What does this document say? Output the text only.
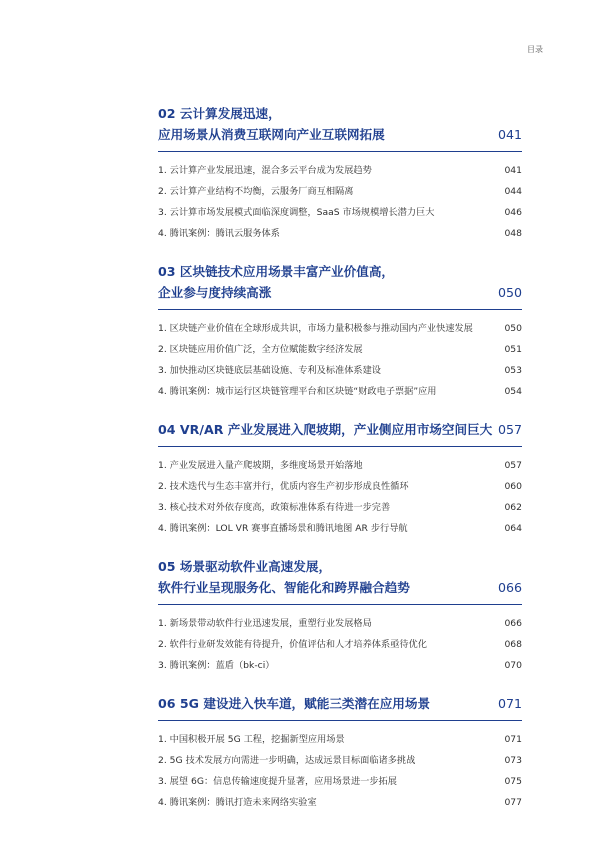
目录
02 云计算发展迅速，
应用场景从消费互联网向产业互联网拓展	041
1. 云计算产业发展迅速，混合多云平台成为发展趋势	041
2. 云计算产业结构不均衡，云服务厂商互相隔离	044
3. 云计算市场发展模式面临深度调整，SaaS 市场规模增长潜力巨大	046
4. 腾讯案例：腾讯云服务体系	048
03 区块链技术应用场景丰富产业价值高，
企业参与度持续高涨	050
1. 区块链产业价值在全球形成共识，市场力量积极参与推动国内产业快速发展	050
2. 区块链应用价值广泛，全方位赋能数字经济发展	051
3. 加快推动区块链底层基础设施、专利及标准体系建设	053
4. 腾讯案例：城市运行区块链管理平台和区块链“财政电子票据”应用	054
04 VR/AR 产业发展进入爬坡期，产业侧应用市场空间巨大 057
1. 产业发展进入量产爬坡期，多维度场景开始落地	057
2. 技术迭代与生态丰富并行，优质内容生产初步形成良性循环	060
3. 核心技术对外依存度高，政策标准体系有待进一步完善	062
4. 腾讯案例：LOL VR 赛事直播场景和腾讯地图 AR 步行导航	064
05 场景驱动软件业高速发展，
软件行业呈现服务化、智能化和跨界融合趋势	066
1. 新场景带动软件行业迅速发展，重塑行业发展格局	066
2. 软件行业研发效能有待提升，价值评估和人才培养体系亟待优化	068
3. 腾讯案例：蓝盾（bk-ci）	070
06 5G 建设进入快车道，赋能三类潜在应用场景	071
1. 中国积极开展 5G 工程，挖掘新型应用场景	071
2. 5G 技术发展方向需进一步明确，达成远景目标面临诸多挑战	073
3. 展望 6G：信息传输速度提升显著，应用场景进一步拓展	075
4. 腾讯案例：腾讯打造未来网络实验室	077
